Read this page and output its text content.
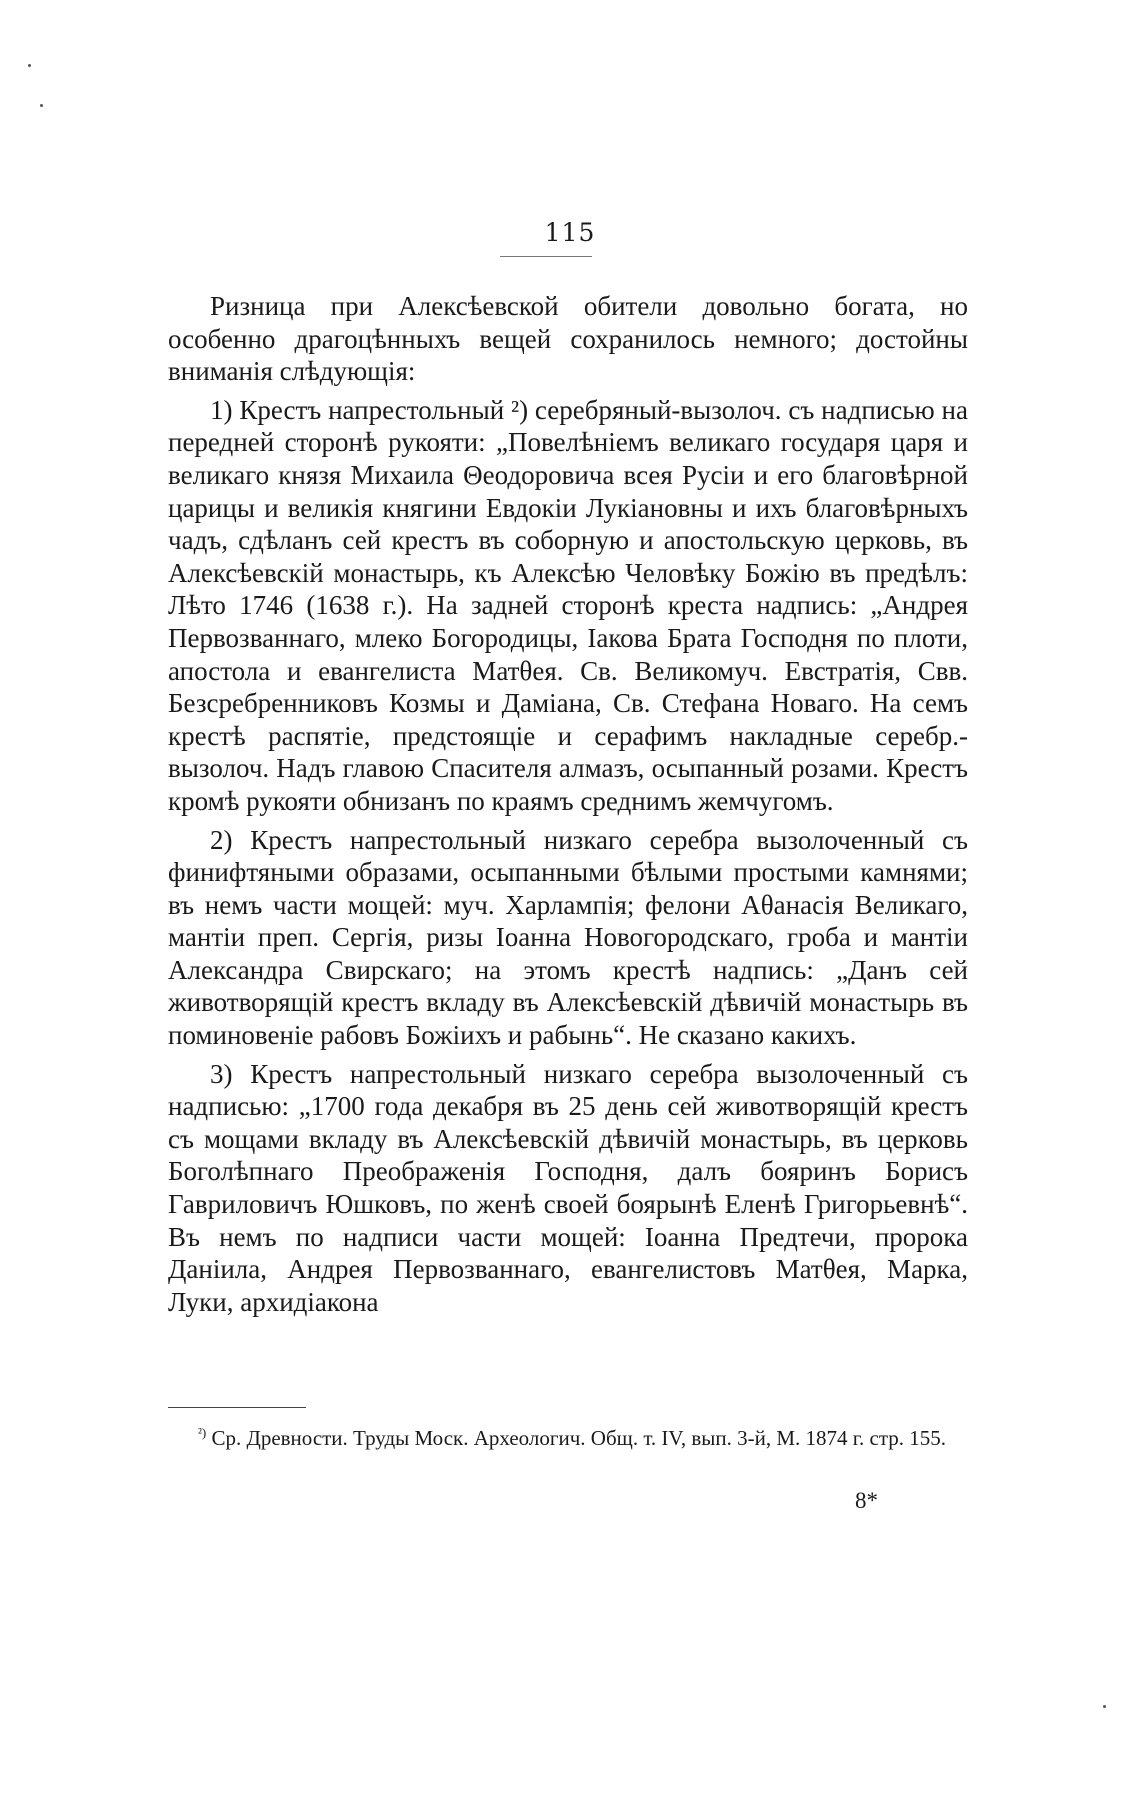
115

Ризница при Алексѣевской обители довольно богата, но особенно драгоцѣнныхъ вещей сохранилось немного; достойны вниманія слѣдующія:

1) Крестъ напрестольный ²) серебряный-вызолоч. съ надписью на передней сторонѣ рукояти: „Повелѣніемъ великаго государя царя и великаго князя Михаила Θеодоровича всея Русіи и его благовѣрной царицы и великія княгини Евдокіи Лукіановны и ихъ благовѣрныхъ чадъ, сдѣланъ сей крестъ въ соборную и апостольскую церковь, въ Алексѣевскій монастырь, къ Алексѣю Человѣку Божію въ предѣлъ: Лѣто 1746 (1638 г.). На задней сторонѣ креста надпись: „Андрея Первозваннаго, млеко Богородицы, Іакова Брата Господня по плоти, апостола и евангелиста Матθея. Св. Великомуч. Евстратія, Свв. Безсребренниковъ Козмы и Даміана, Св. Стефана Новаго. На семъ крестѣ распятіе, предстоящіе и серафимъ накладные серебр.-вызолоч. Надъ главою Спасителя алмазъ, осыпанный розами. Крестъ кромѣ рукояти обнизанъ по краямъ среднимъ жемчугомъ.

2) Крестъ напрестольный низкаго серебра вызолоченный съ финифтяными образами, осыпанными бѣлыми простыми камнями; въ немъ части мощей: муч. Харлампія; фелони Аθанасія Великаго, мантіи преп. Сергія, ризы Іоанна Новогородскаго, гроба и мантіи Александра Свирскаго; на этомъ крестѣ надпись: „Данъ сей животворящій крестъ вкладу въ Алексѣевскій дѣвичій монастырь въ поминовеніе рабовъ Божіихъ и рабынь“. Не сказано какихъ.

3) Крестъ напрестольный низкаго серебра вызолоченный съ надписью: „1700 года декабря въ 25 день сей животворящій крестъ съ мощами вкладу въ Алексѣевскій дѣвичій монастырь, въ церковь Боголѣпнаго Преображенія Господня, далъ бояринъ Борисъ Гавриловичъ Юшковъ, по женѣ своей боярынѣ Еленѣ Григорьевнѣ“. Въ немъ по надписи части мощей: Іоанна Предтечи, пророка Даніила, Андрея Первозваннаго, евангелистовъ Матθея, Марка, Луки, архидіакона

$^{^2)}$ Ср. Древности. Труды Моск. Археологич. Общ. т. IV, вып. 3-й, М. 1874 г. стр. 155.
8*
